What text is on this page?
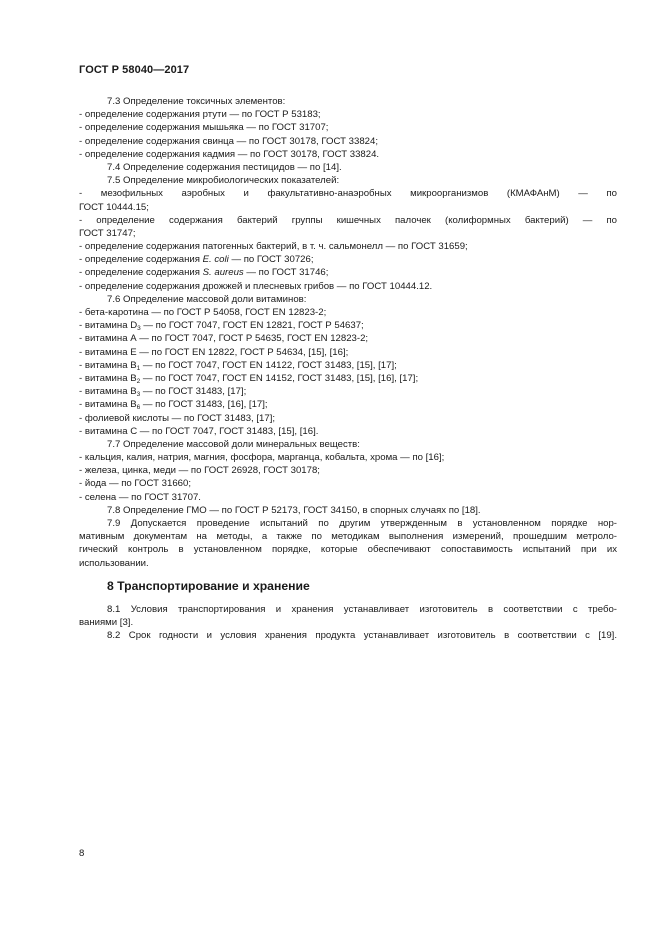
ГОСТ Р 58040—2017
7.3 Определение токсичных элементов:
- определение содержания ртути — по ГОСТ Р 53183;
- определение содержания мышьяка — по ГОСТ 31707;
- определение содержания свинца — по ГОСТ 30178, ГОСТ 33824;
- определение содержания кадмия — по ГОСТ 30178, ГОСТ 33824.
7.4 Определение содержания пестицидов — по [14].
7.5 Определение микробиологических показателей:
- мезофильных аэробных и факультативно-анаэробных микроорганизмов (КМАФАнМ) — по
ГОСТ 10444.15;
- определение содержания бактерий группы кишечных палочек (колиформных бактерий) — по
ГОСТ 31747;
- определение содержания патогенных бактерий, в т. ч. сальмонелл — по ГОСТ 31659;
- определение содержания E. coli — по ГОСТ 30726;
- определение содержания S. aureus — по ГОСТ 31746;
- определение содержания дрожжей и плесневых грибов — по ГОСТ 10444.12.
7.6 Определение массовой доли витаминов:
- бета-каротина — по ГОСТ Р 54058, ГОСТ EN 12823-2;
- витамина $D_3$ — по ГОСТ 7047, ГОСТ EN 12821, ГОСТ Р 54637;
- витамина А — по ГОСТ 7047, ГОСТ Р 54635, ГОСТ EN 12823-2;
- витамина Е — по ГОСТ EN 12822, ГОСТ Р 54634, [15], [16];
- витамина $В_1$ — по ГОСТ 7047, ГОСТ EN 14122, ГОСТ 31483, [15], [17];
- витамина $В_2$ — по ГОСТ 7047, ГОСТ EN 14152, ГОСТ 31483, [15], [16], [17];
- витамина $В_3$ — по ГОСТ 31483, [17];
- витамина $В_6$ — по ГОСТ 31483, [16], [17];
- фолиевой кислоты — по ГОСТ 31483, [17];
- витамина С — по ГОСТ 7047, ГОСТ 31483, [15], [16].
7.7 Определение массовой доли минеральных веществ:
- кальция, калия, натрия, магния, фосфора, марганца, кобальта, хрома — по [16];
- железа, цинка, меди — по ГОСТ 26928, ГОСТ 30178;
- йода — по ГОСТ 31660;
- селена — по ГОСТ 31707.
7.8 Определение ГМО — по ГОСТ Р 52173, ГОСТ 34150, в спорных случаях по [18].
7.9 Допускается проведение испытаний по другим утвержденным в установленном порядке нор-
мативным документам на методы, а также по методикам выполнения измерений, прошедшим метроло-
гический контроль в установленном порядке, которые обеспечивают сопоставимость испытаний при их
использовании.
8 Транспортирование и хранение
8.1 Условия транспортирования и хранения устанавливает изготовитель в соответствии с требо-
ваниями [3].
8.2 Срок годности и условия хранения продукта устанавливает изготовитель в соответствии с [19].
8
